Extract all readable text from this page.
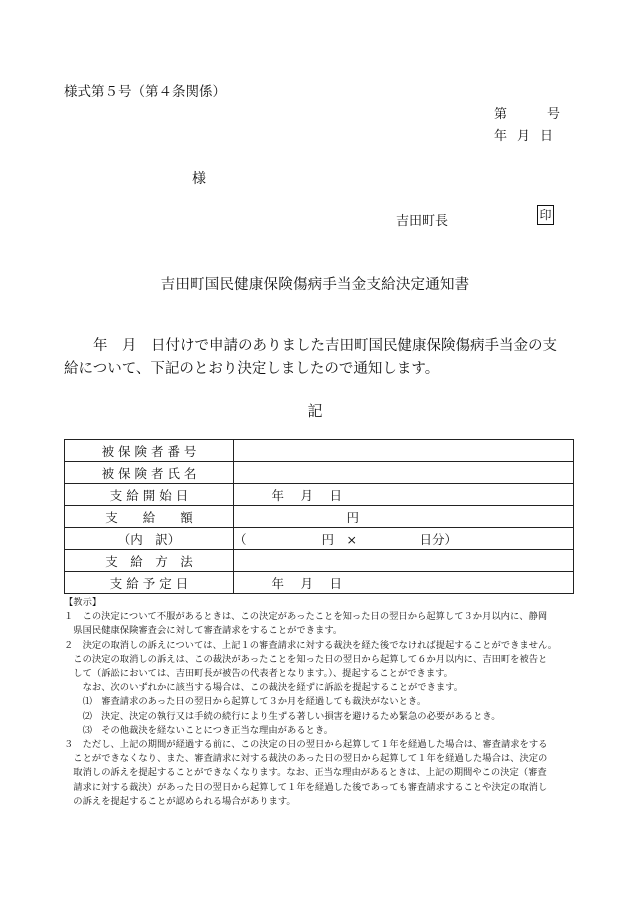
様式第５号（第４条関係）
第	号
年 月 日
様
吉田町長	印
吉田町国民健康保険傷病手当金支給決定通知書

　　年　月　日付けで申請のありました吉田町国民健康保険傷病手当金の支

給について、下記のとおり決定しましたので通知します。

記
被 保 険 者 番 号	
被 保 険 者 氏 名	
支 給 開 始 日	　　　年　 月　 日
支　　給　　額	　　　　　　　　　円
（内　訳）	（　　　　　　円　×　　　　　日分）
支　給　方　法	
支 給 予 定 日	　　　年　 月　 日
【教示】
１　この決定について不服があるときは、この決定があったことを知った日の翌日から起算して３か月以内に、静岡
　県国民健康保険審査会に対して審査請求をすることができます。
２　決定の取消しの訴えについては、上記１の審査請求に対する裁決を経た後でなければ提起することができません。
　この決定の取消しの訴えは、この裁決があったことを知った日の翌日から起算して６か月以内に、吉田町を被告と
　して（訴訟においては、吉田町長が被告の代表者となります。）、提起することができます。
　　なお、次のいずれかに該当する場合は、この裁決を経ずに訴訟を提起することができます。
　　⑴　審査請求のあった日の翌日から起算して３か月を経過しても裁決がないとき。
　　⑵　決定、決定の執行又は手続の続行により生ずる著しい損害を避けるため緊急の必要があるとき。
　　⑶　その他裁決を経ないことにつき正当な理由があるとき。
３　ただし、上記の期間が経過する前に、この決定の日の翌日から起算して１年を経過した場合は、審査請求をする
　ことができなくなり、また、審査請求に対する裁決のあった日の翌日から起算して１年を経過した場合は、決定の
　取消しの訴えを提起することができなくなります。なお、正当な理由があるときは、上記の期間やこの決定（審査
　請求に対する裁決）があった日の翌日から起算して１年を経過した後であっても審査請求することや決定の取消し
　の訴えを提起することが認められる場合があります。
